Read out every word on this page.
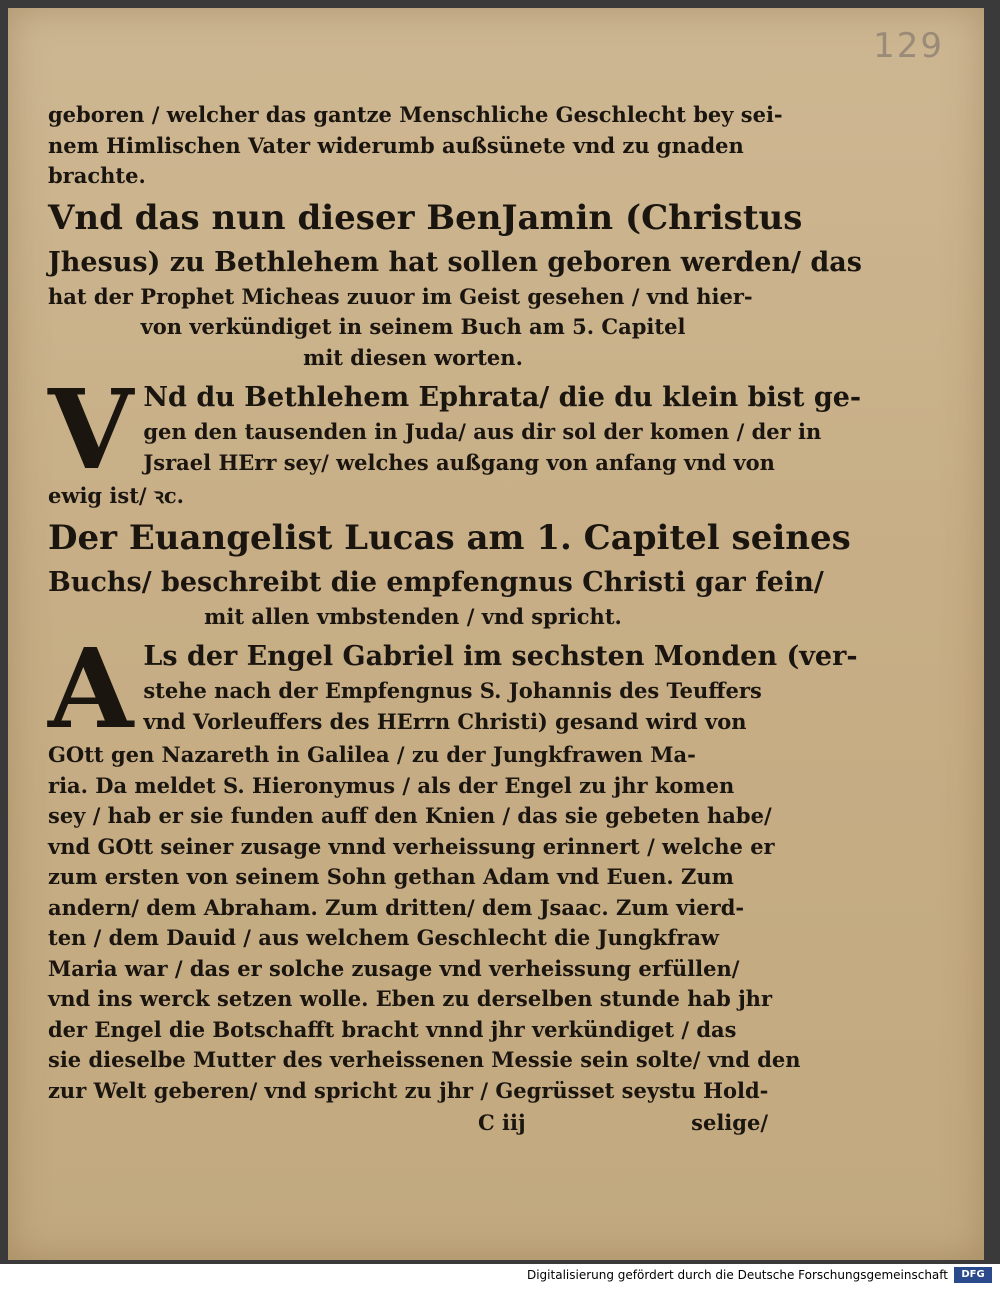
129
geboren / welcher das gantze Menschliche Geschlecht bey sei-
nem Himlischen Vater widerumb außsünete vnd zu gnaden
brachte.
Vnd das nun dieser BenJamin (Christus
Jhesus) zu Bethlehem hat sollen geboren werden/ das
hat der Prophet Micheas zuuor im Geist gesehen / vnd hier-
von verkündiget in seinem Buch am 5. Capitel
mit diesen worten.
V Nd du Bethlehem Ephrata/ die du klein bist ge-
gen den tausenden in Juda/ aus dir sol der komen / der in
Jsrael HErr sey/ welches außgang von anfang vnd von
ewig ist/ ꝛc.
Der Euangelist Lucas am 1. Capitel seines
Buchs/ beschreibt die empfengnus Christi gar fein/
mit allen vmbstenden / vnd spricht.
A Ls der Engel Gabriel im sechsten Monden (ver-
stehe nach der Empfengnus S. Johannis des Teuffers
vnd Vorleuffers des HErrn Christi) gesand wird von
GOtt gen Nazareth in Galilea / zu der Jungkfrawen Ma-
ria. Da meldet S. Hieronymus / als der Engel zu jhr komen
sey / hab er sie funden auff den Knien / das sie gebeten habe/
vnd GOtt seiner zusage vnnd verheissung erinnert / welche er
zum ersten von seinem Sohn gethan Adam vnd Euen. Zum
andern/ dem Abraham. Zum dritten/ dem Jsaac. Zum vierd-
ten / dem Dauid / aus welchem Geschlecht die Jungkfraw
Maria war / das er solche zusage vnd verheissung erfüllen/
vnd ins werck setzen wolle. Eben zu derselben stunde hab jhr
der Engel die Botschafft bracht vnnd jhr verkündiget / das
sie dieselbe Mutter des verheissenen Messie sein solte/ vnd den
zur Welt geberen/ vnd spricht zu jhr / Gegrüsset seystu Hold-
C iij	selige/
Digitalisierung gefördert durch die Deutsche Forschungsgemeinschaft	DFG
